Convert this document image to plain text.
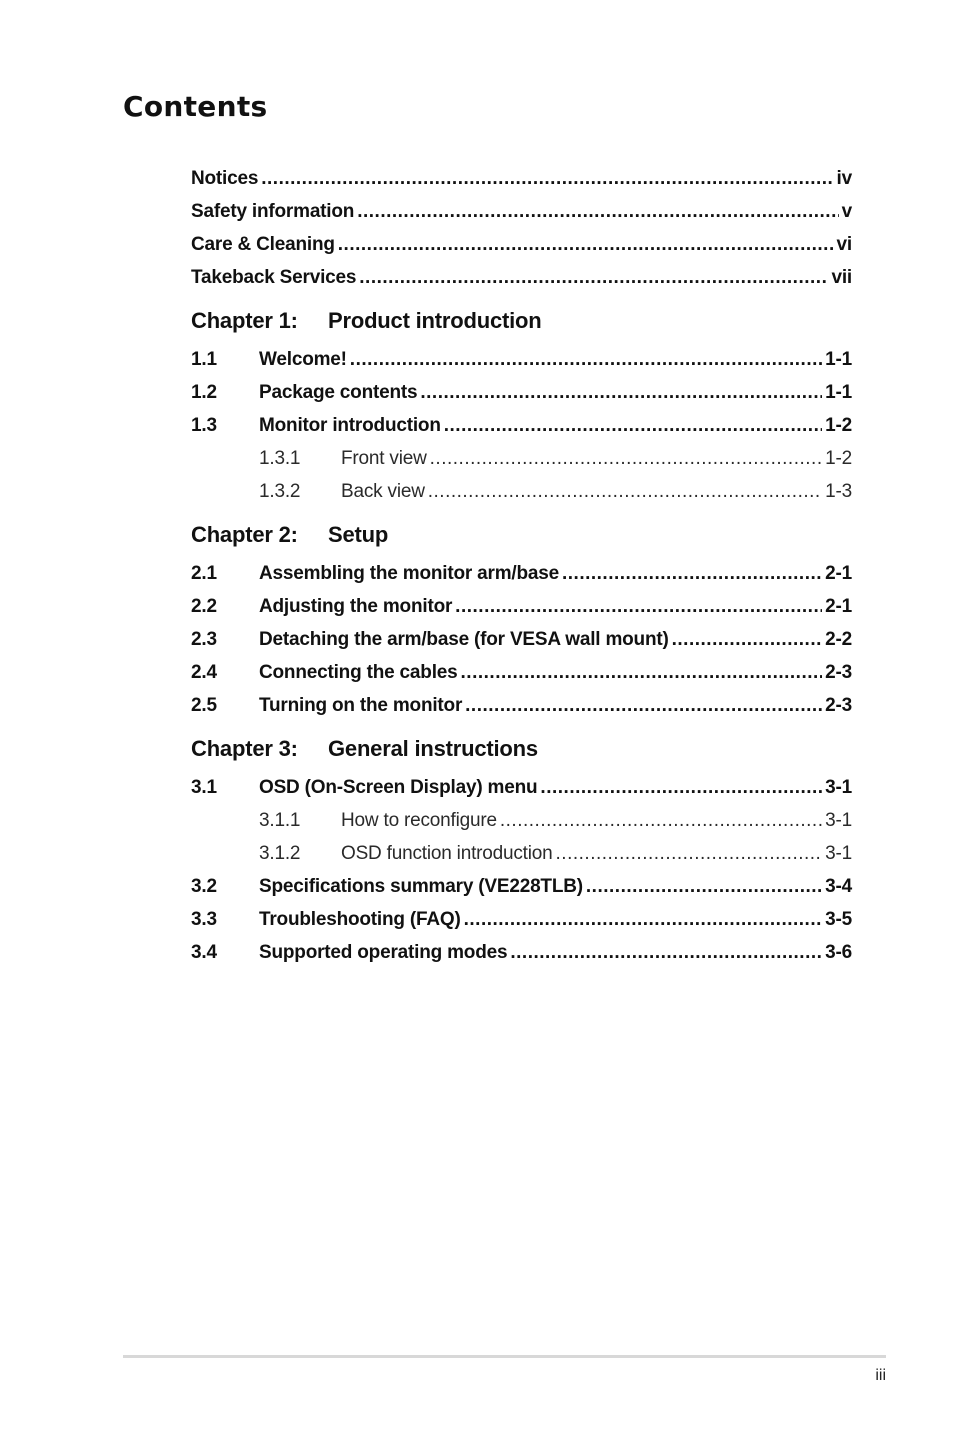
Contents
Notices .....	iv
Safety information .....	v
Care & Cleaning .....	vi
Takeback Services .....	vii
Chapter 1:	Product introduction
1.1	Welcome! .....	1-1
1.2	Package contents .....	1-1
1.3	Monitor introduction .....	1-2
1.3.1	Front view .....	1-2
1.3.2	Back view .....	1-3
Chapter 2:	Setup
2.1	Assembling the monitor arm/base .....	2-1
2.2	Adjusting the monitor .....	2-1
2.3	Detaching the arm/base (for VESA wall mount) .....	2-2
2.4	Connecting the cables .....	2-3
2.5	Turning on the monitor .....	2-3
Chapter 3:	General instructions
3.1	OSD (On-Screen Display) menu .....	3-1
3.1.1	How to reconfigure .....	3-1
3.1.2	OSD function introduction .....	3-1
3.2	Specifications summary (VE228TLB) .....	3-4
3.3	Troubleshooting (FAQ) .....	3-5
3.4	Supported operating modes .....	3-6
iii
